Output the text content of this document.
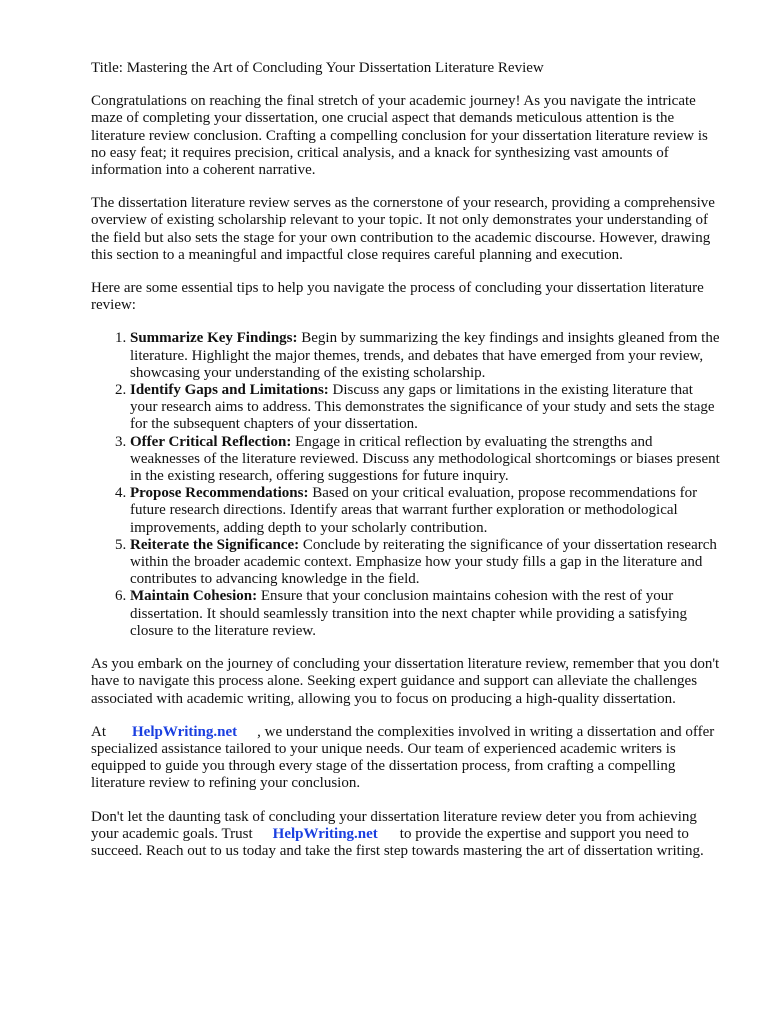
Title: Mastering the Art of Concluding Your Dissertation Literature Review

Congratulations on reaching the final stretch of your academic journey! As you navigate the intricate maze of completing your dissertation, one crucial aspect that demands meticulous attention is the literature review conclusion. Crafting a compelling conclusion for your dissertation literature review is no easy feat; it requires precision, critical analysis, and a knack for synthesizing vast amounts of information into a coherent narrative.

The dissertation literature review serves as the cornerstone of your research, providing a comprehensive overview of existing scholarship relevant to your topic. It not only demonstrates your understanding of the field but also sets the stage for your own contribution to the academic discourse. However, drawing this section to a meaningful and impactful close requires careful planning and execution.

Here are some essential tips to help you navigate the process of concluding your dissertation literature review:

1. Summarize Key Findings: Begin by summarizing the key findings and insights gleaned from the literature. Highlight the major themes, trends, and debates that have emerged from your review, showcasing your understanding of the existing scholarship.
2. Identify Gaps and Limitations: Discuss any gaps or limitations in the existing literature that your research aims to address. This demonstrates the significance of your study and sets the stage for the subsequent chapters of your dissertation.
3. Offer Critical Reflection: Engage in critical reflection by evaluating the strengths and weaknesses of the literature reviewed. Discuss any methodological shortcomings or biases present in the existing research, offering suggestions for future inquiry.
4. Propose Recommendations: Based on your critical evaluation, propose recommendations for future research directions. Identify areas that warrant further exploration or methodological improvements, adding depth to your scholarly contribution.
5. Reiterate the Significance: Conclude by reiterating the significance of your dissertation research within the broader academic context. Emphasize how your study fills a gap in the literature and contributes to advancing knowledge in the field.
6. Maintain Cohesion: Ensure that your conclusion maintains cohesion with the rest of your dissertation. It should seamlessly transition into the next chapter while providing a satisfying closure to the literature review.

As you embark on the journey of concluding your dissertation literature review, remember that you don't have to navigate this process alone. Seeking expert guidance and support can alleviate the challenges associated with academic writing, allowing you to focus on producing a high-quality dissertation.

At HelpWriting.net , we understand the complexities involved in writing a dissertation and offer specialized assistance tailored to your unique needs. Our team of experienced academic writers is equipped to guide you through every stage of the dissertation process, from crafting a compelling literature review to refining your conclusion.

Don't let the daunting task of concluding your dissertation literature review deter you from achieving your academic goals. Trust HelpWriting.net to provide the expertise and support you need to succeed. Reach out to us today and take the first step towards mastering the art of dissertation writing.
